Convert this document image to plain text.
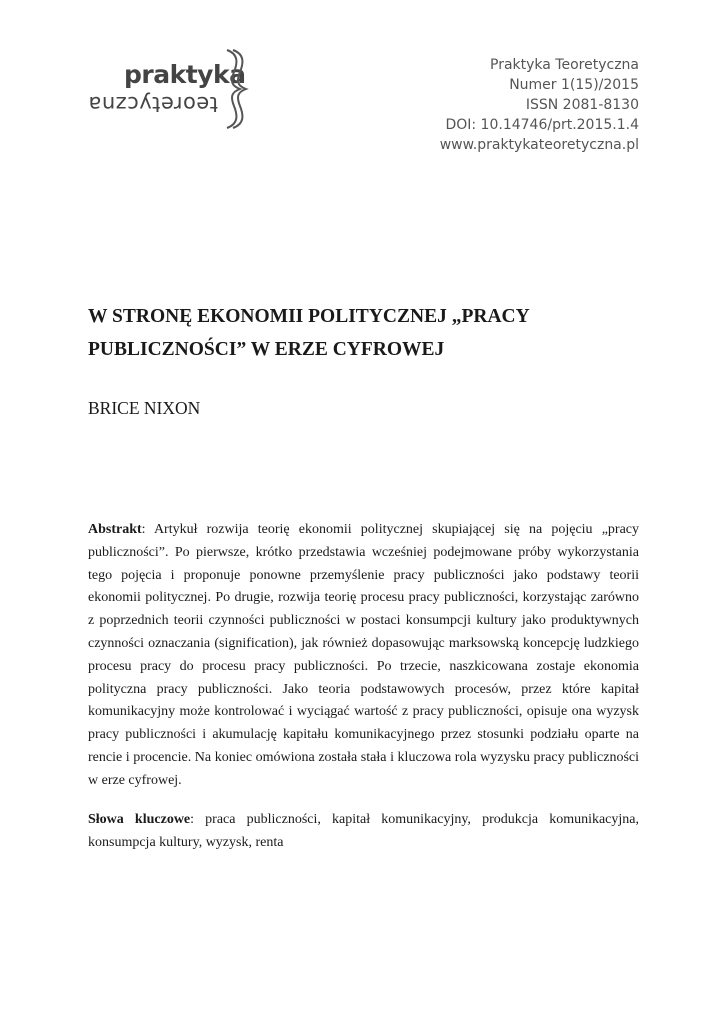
praktyka
teoretyczna
Praktyka Teoretyczna
Numer 1(15)/2015
ISSN 2081-8130
DOI: 10.14746/prt.2015.1.4
www.praktykateoretyczna.pl
W STRONĘ EKONOMII POLITYCZNEJ „PRACY PUBLICZNOŚCI” W ERZE CYFROWEJ
BRICE NIXON
Abstrakt: Artykuł rozwija teorię ekonomii politycznej skupiającej się na pojęciu „pracy publiczności”. Po pierwsze, krótko przedstawia wcześniej podejmowane próby wykorzystania tego pojęcia i proponuje ponowne przemyślenie pracy publiczności jako podstawy teorii ekonomii politycznej. Po drugie, rozwija teorię procesu pracy publiczności, korzystając zarówno z poprzednich teorii czynności publiczności w postaci konsumpcji kultury jako produktywnych czynności oznaczania (signification), jak również dopasowując marksowską koncepcję ludzkiego procesu pracy do procesu pracy publiczności. Po trzecie, naszkicowana zostaje ekonomia polityczna pracy publiczności. Jako teoria podstawowych procesów, przez które kapitał komunikacyjny może kontrolować i wyciągać wartość z pracy publiczności, opisuje ona wyzysk pracy publiczności i akumulację kapitału komunikacyjnego przez stosunki podziału oparte na rencie i procencie. Na koniec omówiona została stała i kluczowa rola wyzysku pracy publiczności w erze cyfrowej.
Słowa kluczowe: praca publiczności, kapitał komunikacyjny, produkcja komunikacyjna, konsumpcja kultury, wyzysk, renta
